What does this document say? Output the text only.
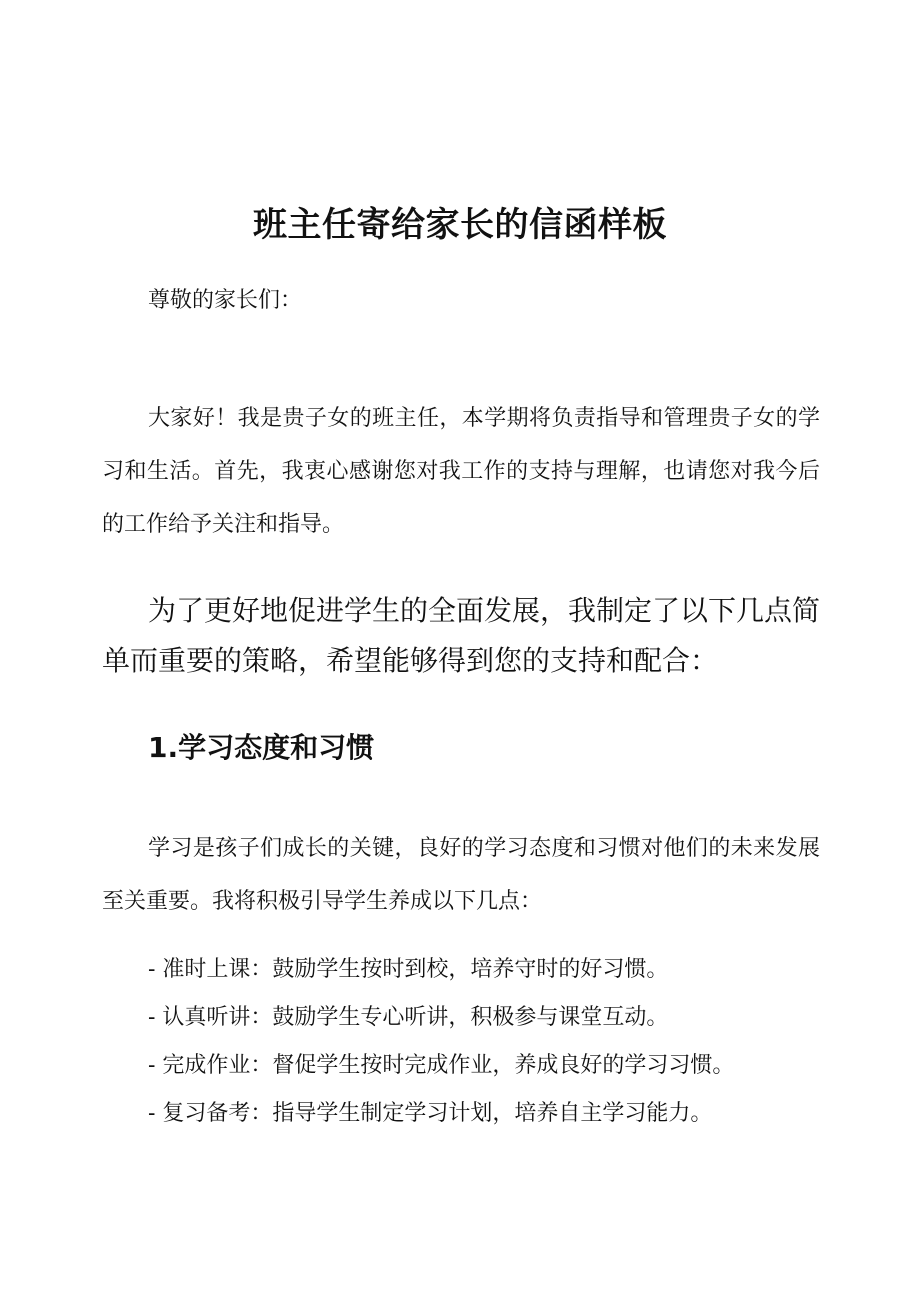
班主任寄给家长的信函样板
尊敬的家长们：

大家好！我是贵子女的班主任，本学期将负责指导和管理贵子女的学习和生活。首先，我衷心感谢您对我工作的支持与理解，也请您对我今后的工作给予关注和指导。

为了更好地促进学生的全面发展，我制定了以下几点简单而重要的策略，希望能够得到您的支持和配合：

1.学习态度和习惯

学习是孩子们成长的关键，良好的学习态度和习惯对他们的未来发展至关重要。我将积极引导学生养成以下几点：

- 准时上课：鼓励学生按时到校，培养守时的好习惯。
- 认真听讲：鼓励学生专心听讲，积极参与课堂互动。
- 完成作业：督促学生按时完成作业，养成良好的学习习惯。
- 复习备考：指导学生制定学习计划，培养自主学习能力。
